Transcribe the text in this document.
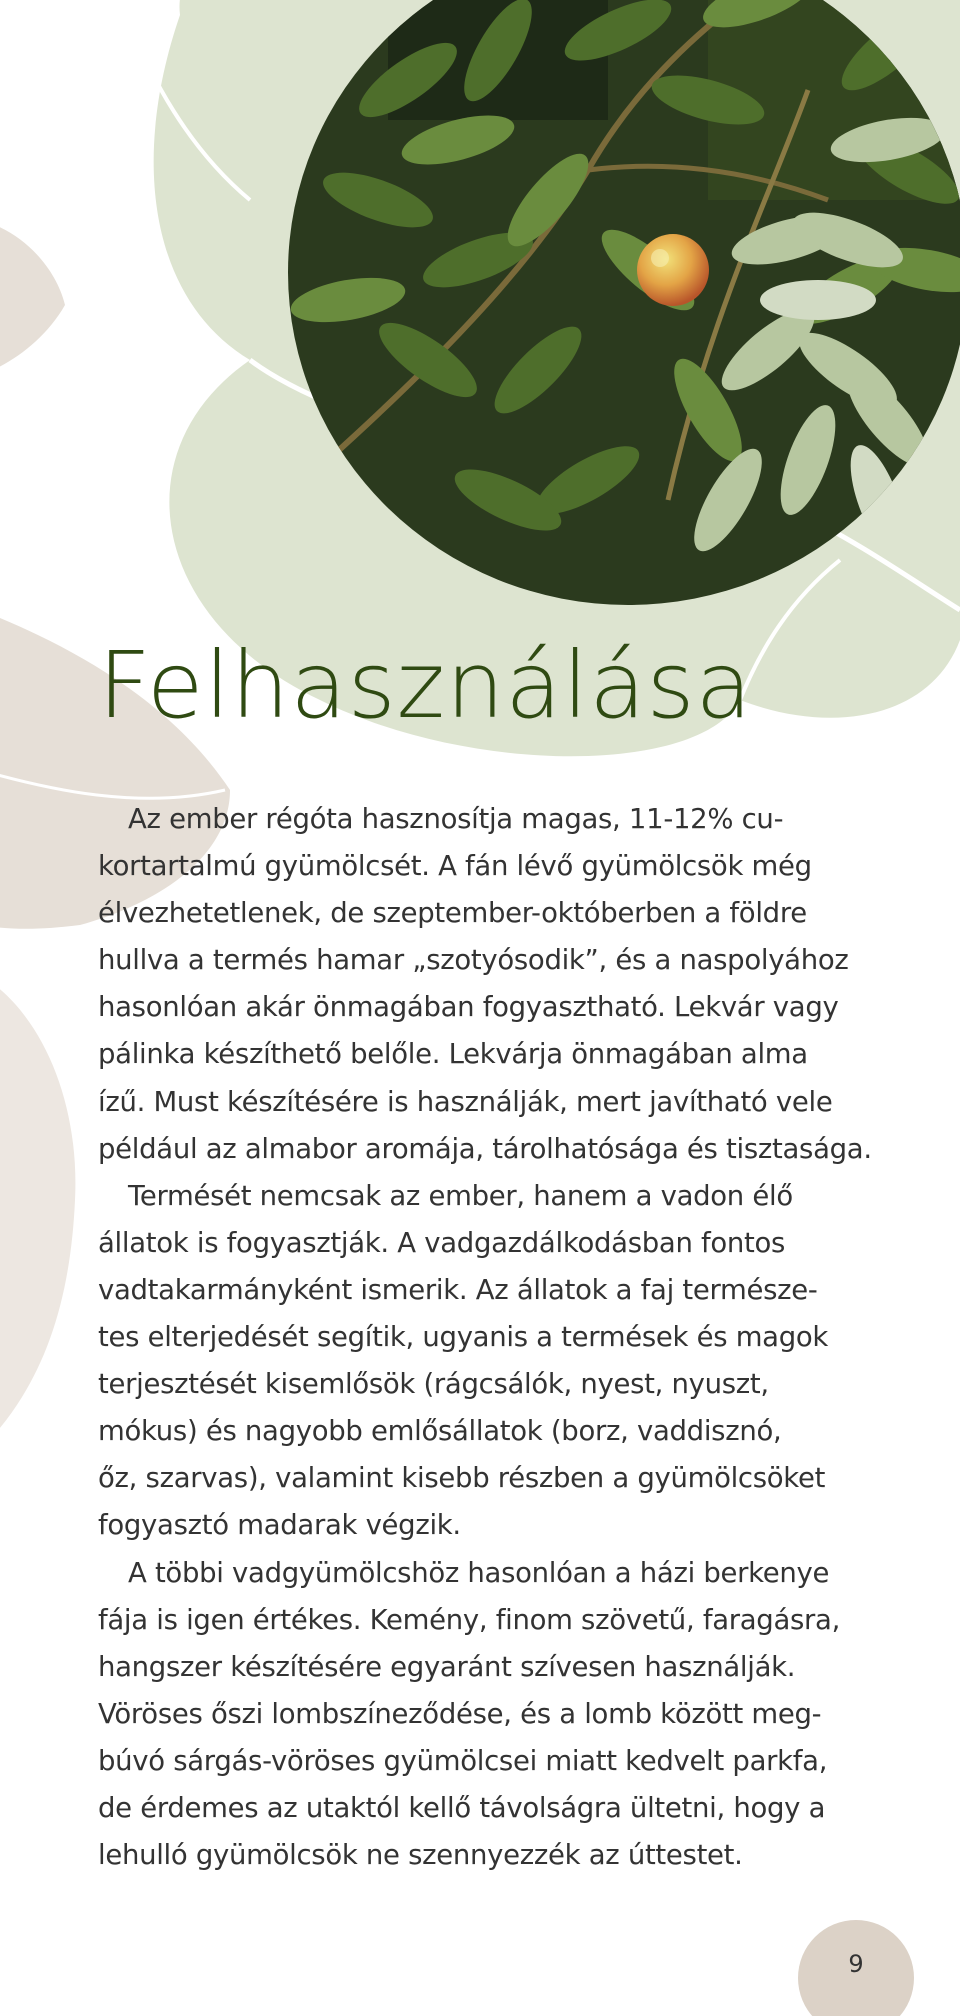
Felhasználása

Az ember régóta hasznosítja magas, 11-12% cu-
kortartalmú gyümölcsét. A fán lévő gyümölcsök még
élvezhetetlenek, de szeptember-októberben a földre
hullva a termés hamar „szotyósodik”, és a naspolyához
hasonlóan akár önmagában fogyasztható. Lekvár vagy
pálinka készíthető belőle. Lekvárja önmagában alma
ízű. Must készítésére is használják, mert javítható vele
például az almabor aromája, tárolhatósága és tisztasága.

Termését nemcsak az ember, hanem a vadon élő
állatok is fogyasztják. A vadgazdálkodásban fontos
vadtakarmányként ismerik. Az állatok a faj természe-
tes elterjedését segítik, ugyanis a termések és magok
terjesztését kisemlősök (rágcsálók, nyest, nyuszt,
mókus) és nagyobb emlősállatok (borz, vaddisznó,
őz, szarvas), valamint kisebb részben a gyümölcsöket
fogyasztó madarak végzik.

A többi vadgyümölcshöz hasonlóan a házi berkenye
fája is igen értékes. Kemény, finom szövetű, faragásra,
hangszer készítésére egyaránt szívesen használják.
Vöröses őszi lombszíneződése, és a lomb között meg-
búvó sárgás-vöröses gyümölcsei miatt kedvelt parkfa,
de érdemes az utaktól kellő távolságra ültetni, hogy a
lehulló gyümölcsök ne szennyezzék az úttestet.

9
